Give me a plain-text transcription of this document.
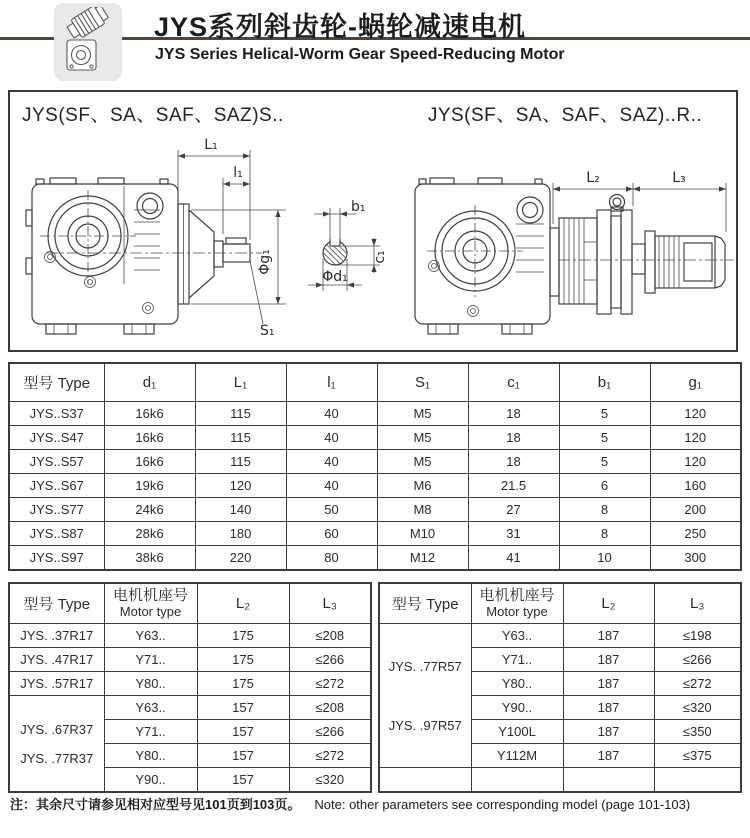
JYS系列斜齿轮-蜗轮减速电机
JYS Series Helical-Worm Gear Speed-Reducing Motor
JYS(SF、SA、SAF、SAZ)S..	JYS(SF、SA、SAF、SAZ)..R..
L₁
l₁
Φg₁
S₁
b₁
c₁
Φd₁
L₂	L₃
型号 Type	d₁	L₁	l₁	S₁	c₁	b₁	g₁
JYS..S37	16k6	115	40	M5	18	5	120
JYS..S47	16k6	115	40	M5	18	5	120
JYS..S57	16k6	115	40	M5	18	5	120
JYS..S67	19k6	120	40	M6	21.5	6	160
JYS..S77	24k6	140	50	M8	27	8	200
JYS..S87	28k6	180	60	M10	31	8	250
JYS..S97	38k6	220	80	M12	41	10	300
型号 Type	电机机座号
Motor type	L₂	L₃

JYS. .37R17	Y63..	175	≤208

JYS. .47R17	Y71..	175	≤266

JYS. .57R17	Y80..	175	≤272

JYS. .67R37
JYS. .77R37	Y63..	157	≤208
	Y71..	157	≤266
	Y80..	157	≤272
	Y90..	157	≤320
型号 Type	电机机座号
Motor type	L₂	L₃

JYS. .77R57
JYS. .97R57	Y63..	187	≤198
	Y71..	187	≤266
	Y80..	187	≤272
	Y90..	187	≤320
	Y100L	187	≤350
	Y112M	187	≤375

注：其余尺寸请参见相对应型号见101页到103页。 Note: other parameters see corresponding model (page 101-103)
